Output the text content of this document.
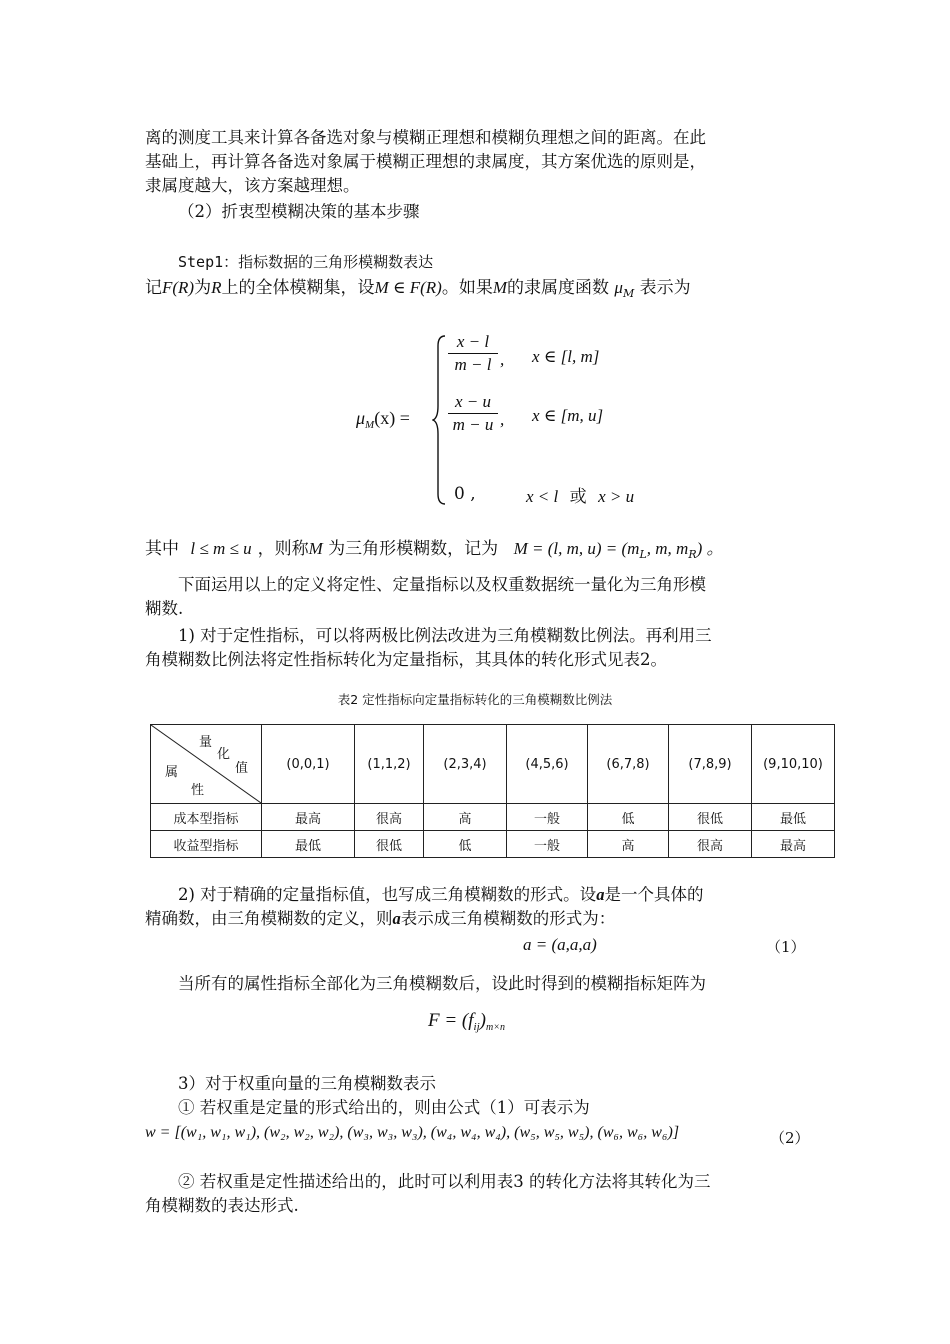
离的测度工具来计算各备选对象与模糊正理想和模糊负理想之间的距离。在此
基础上，再计算各备选对象属于模糊正理想的隶属度，其方案优选的原则是，
隶属度越大，该方案越理想。
（2）折衷型模糊决策的基本步骤
Step1：指标数据的三角形模糊数表达
记F(R)为R上的全体模糊集，设M ∈ F(R)。如果M的隶属度函数 $\mu_M$ 表示为
$\mu_M(x)$ =
x − l
m − l , x ∈ [l, m]
x − u
m − u , x ∈ [m, u]
0 ,	x < l 或 x > u
其中 l ≤ m ≤ u ，则称M 为三角形模糊数，记为 M = (l, m, $u) = (m_L$, m, $m_R$) 。
下面运用以上的定义将定性、定量指标以及权重数据统一量化为三角形模
糊数.
1) 对于定性指标，可以将两极比例法改进为三角模糊数比例法。再利用三
角模糊数比例法将定性指标转化为定量指标，其具体的转化形式见表2。
表2 定性指标向定量指标转化的三角模糊数比例法
量
化
值
属
性	(0,0,1)	(1,1,2)	(2,3,4)	(4,5,6)	(6,7,8)	(7,8,9)	(9,10,10)
成本型指标	最高	很高	高	一般	低	很低	最低
收益型指标	最低	很低	低	一般	高	很高	最高
2) 对于精确的定量指标值，也写成三角模糊数的形式。设a是一个具体的
精确数，由三角模糊数的定义，则a表示成三角模糊数的形式为：
a = (a,a,a)	（1）
当所有的属性指标全部化为三角模糊数后，设此时得到的模糊指标矩阵为
$F = (f_{ij})_{m\times n}$
3）对于权重向量的三角模糊数表示
① 若权重是定量的形式给出的，则由公式（1）可表示为
w = [(w₁, w₁, w₁), (w₂, w₂, w₂), (w₃, w₃, w₃), (w₄, w₄, w₄), (w₅, w₅, w₅), (w₆, w₆, w₆)]	（2）
② 若权重是定性描述给出的，此时可以利用表3 的转化方法将其转化为三
角模糊数的表达形式.
